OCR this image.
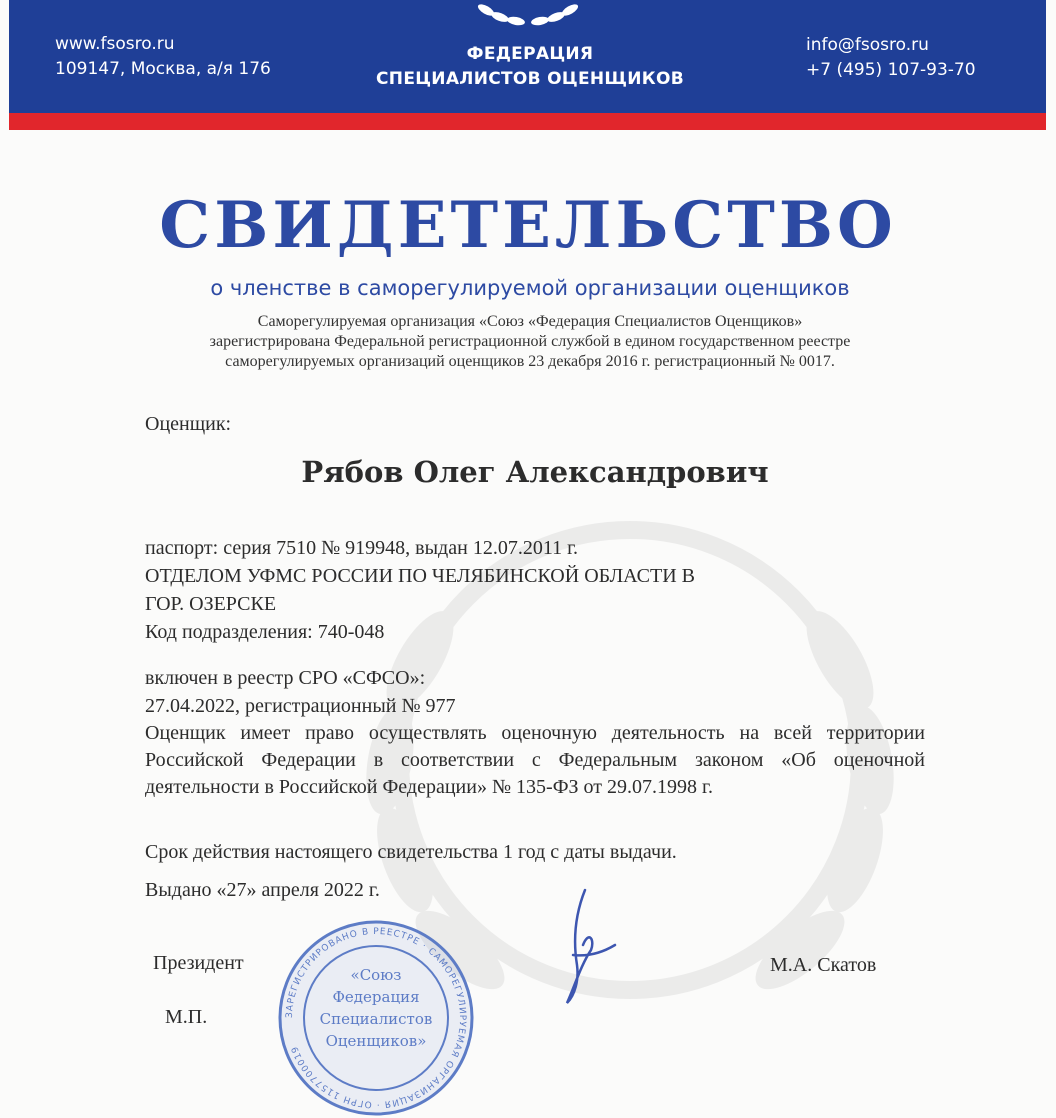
www.fsosro.ru
109147, Москва, а/я 176
ФЕДЕРАЦИЯ
СПЕЦИАЛИСТОВ ОЦЕНЩИКОВ
info@fsosro.ru
+7 (495) 107-93-70
СВИДЕТЕЛЬСТВО
о членстве в саморегулируемой организации оценщиков
Саморегулируемая организация «Союз «Федерация Специалистов Оценщиков»
зарегистрирована Федеральной регистрационной службой в едином государственном реестре
саморегулируемых организаций оценщиков 23 декабря 2016 г. регистрационный № 0017.
Оценщик:
Рябов Олег Александрович
паспорт: серия 7510 № 919948, выдан 12.07.2011 г.
ОТДЕЛОМ УФМС РОССИИ ПО ЧЕЛЯБИНСКОЙ ОБЛАСТИ В
ГОР. ОЗЕРСКЕ
Код подразделения: 740-048
включен в реестр СРО «СФСО»:
27.04.2022, регистрационный № 977
Оценщик имеет право осуществлять оценочную деятельность на всей территории Российской Федерации в соответствии с Федеральным законом «Об оценочной деятельности в Российской Федерации» № 135-ФЗ от 29.07.1998 г.
Срок действия настоящего свидетельства 1 год с даты выдачи.
Выдано «27» апреля 2022 г.
Президент	М.А. Скатов
М.П.	ЗАРЕГИСТРИРОВАНО В РЕЕСТРЕ · САМОРЕГУЛИРУЕМАЯ ОРГАНИЗАЦИЯ · ОГРН 1157700019
«Союз
Федерация
Специалистов
Оценщиков»
